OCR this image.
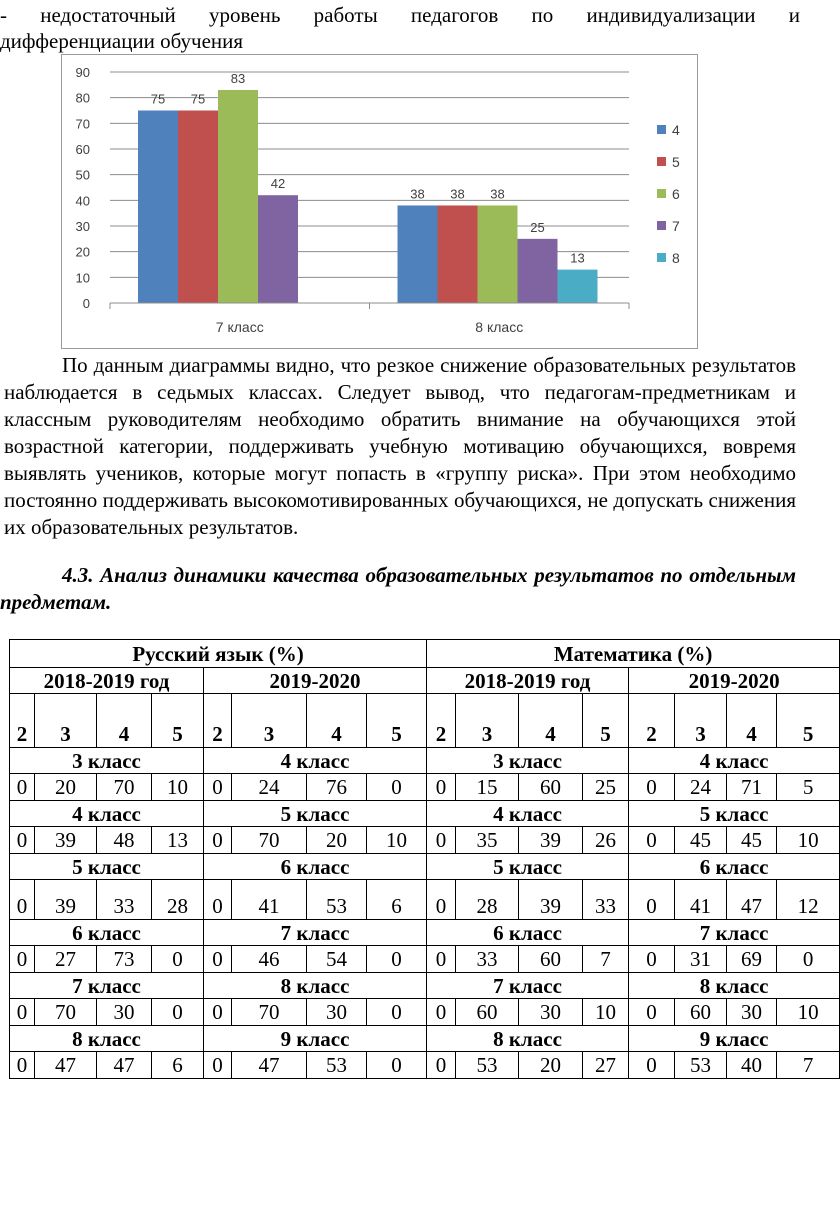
- недостаточный уровень работы педагогов по индивидуализации и
дифференциации обучения
0
10
20
30
40
50
60
70
80
90
75 75
83
42
7 класс
38 38 38
25
13
8 класс
4
5
6
7
8

По данным диаграммы видно, что резкое снижение образовательных результатов наблюдается в седьмых классах. Следует вывод, что педагогам-предметникам и классным руководителям необходимо обратить внимание на обучающихся этой возрастной категории, поддерживать учебную мотивацию обучающихся, вовремя выявлять учеников, которые могут попасть в «группу риска». При этом необходимо постоянно поддерживать высокомотивированных обучающихся, не допускать снижения их образовательных результатов.

4.3. Анализ динамики качества образовательных результатов по отдельным предметам.

Русский язык (%)								Математика (%)							
2018-2019 год				2019-2020				2018-2019 год				2019-2020			
2	3	4	5	2	3	4	5	2	3	4	5	2	3	4	5
3 класс				4 класс				3 класс				4 класс			
0	20	70	10	0	24	76	0	0	15	60	25	0	24	71	5
4 класс				5 класс				4 класс				5 класс			
0	39	48	13	0	70	20	10	0	35	39	26	0	45	45	10
5 класс				6 класс				5 класс				6 класс			
0	39	33	28	0	41	53	6	0	28	39	33	0	41	47	12
6 класс				7 класс				6 класс				7 класс			
0	27	73	0	0	46	54	0	0	33	60	7	0	31	69	0
7 класс				8 класс				7 класс				8 класс			
0	70	30	0	0	70	30	0	0	60	30	10	0	60	30	10
8 класс				9 класс				8 класс				9 класс			
0	47	47	6	0	47	53	0	0	53	20	27	0	53	40	7
